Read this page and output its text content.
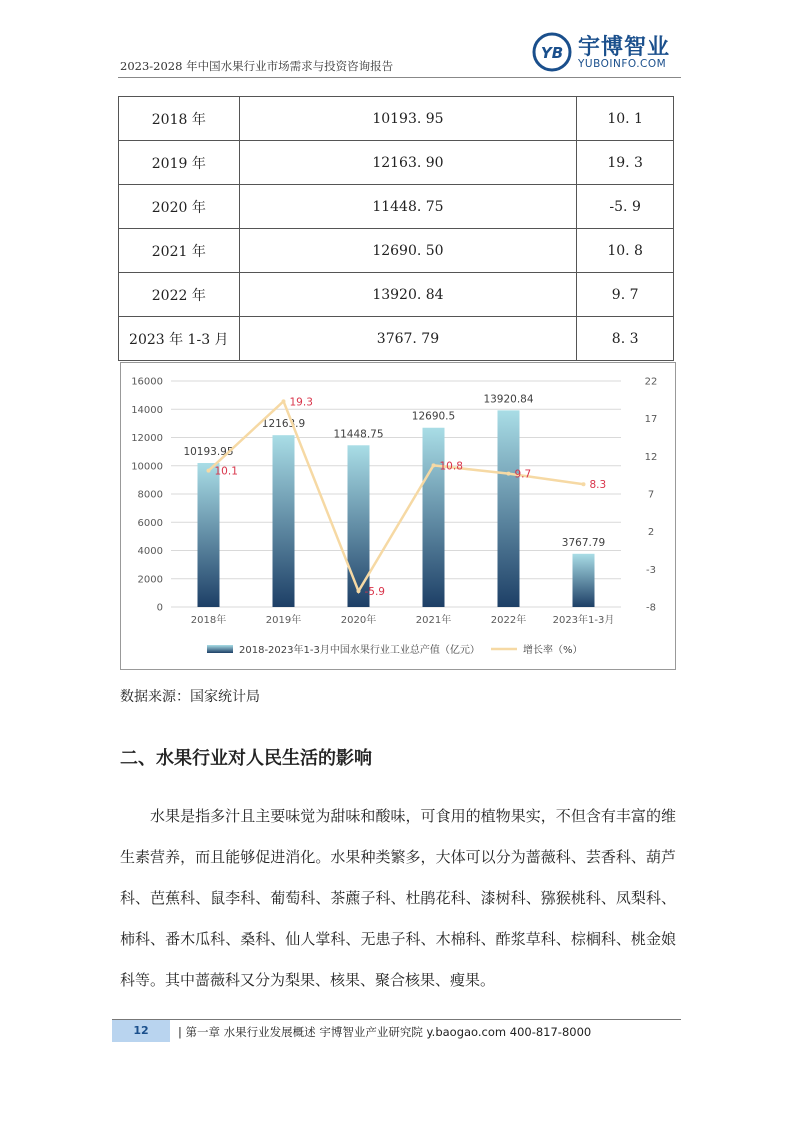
2023-2028 年中国水果行业市场需求与投资咨询报告
YB 宇博智业
YUBOINFO.COM
2018 年	10193. 95	10. 1
2019 年	12163. 90	19. 3
2020 年	11448. 75	-5. 9
2021 年	12690. 50	10. 8
2022 年	13920. 84	9. 7
2023 年 1-3 月	3767. 79	8. 3
0
2000
4000
6000
8000
10000
12000
14000
16000
-8
-3
2
7
12
17
22
10193.95
12163.9
11448.75
12690.5
13920.84
3767.79
2018年	2019年	2020年	2021年	2022年	2023年1-3月
10.1
19.3
-5.9
10.8
9.7
8.3
2018-2023年1-3月中国水果行业工业总产值（亿元）	增长率（%）
数据来源：国家统计局
二、水果行业对人民生活的影响
水果是指多汁且主要味觉为甜味和酸味，可食用的植物果实，不但含有丰富的维生素营养，而且能够促进消化。水果种类繁多，大体可以分为蔷薇科、芸香科、葫芦科、芭蕉科、鼠李科、葡萄科、茶藨子科、杜鹃花科、漆树科、猕猴桃科、凤梨科、柿科、番木瓜科、桑科、仙人掌科、无患子科、木棉科、酢浆草科、棕榈科、桃金娘科等。其中蔷薇科又分为梨果、核果、聚合核果、瘦果。
12	| 第一章 水果行业发展概述 宇博智业产业研究院 y.baogao.com 400-817-8000
